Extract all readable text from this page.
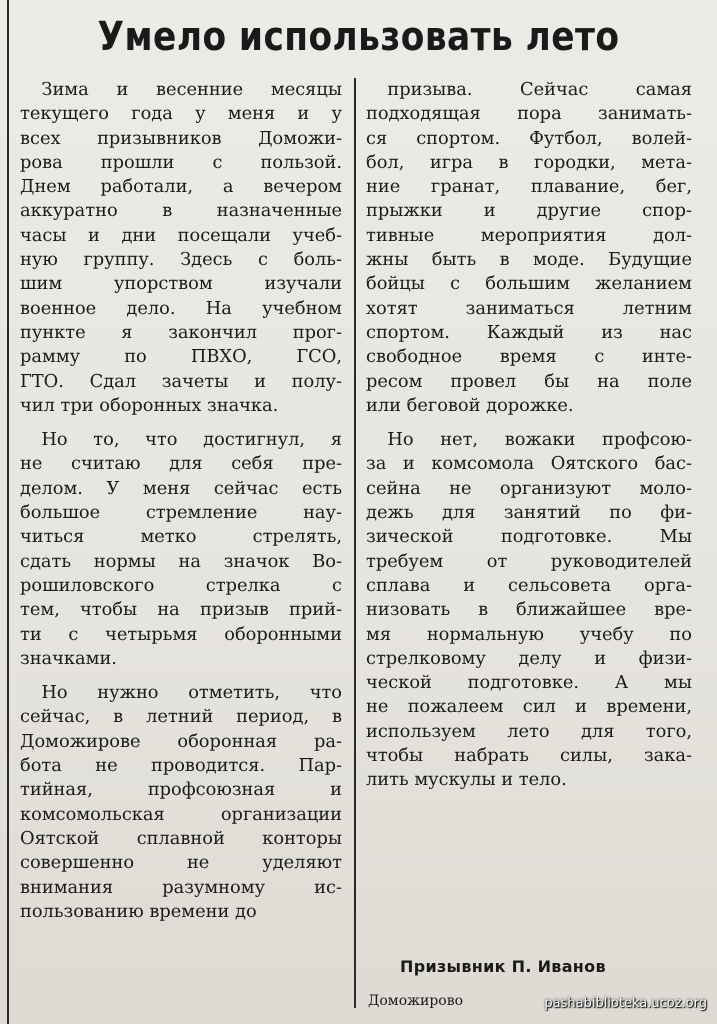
Умело использовать лето
Зима и весенние месяцы
текущего года у меня и у
всех призывников Доможи-
рова прошли с пользой.
Днем работали, а вечером
аккуратно в назначенные
часы и дни посещали учеб-
ную группу. Здесь с боль-
шим упорством изучали
военное дело. На учебном
пункте я закончил прог-
рамму по ПВХО, ГСО,
ГТО. Сдал зачеты и полу-
чил три оборонных значка.
Но то, что достигнул, я
не считаю для себя пре-
делом. У меня сейчас есть
большое стремление нау-
читься метко стрелять,
сдать нормы на значок Во-
рошиловского стрелка с
тем, чтобы на призыв прий-
ти с четырьмя оборонными
значками.
Но нужно отметить, что
сейчас, в летний период, в
Доможирове оборонная ра-
бота не проводится. Пар-
тийная, профсоюзная и
комсомольская организации
Оятской сплавной конторы
совершенно не уделяют
внимания разумному ис-
пользованию времени до
призыва. Сейчас самая
подходящая пора занимать-
ся спортом. Футбол, волей-
бол, игра в городки, мета-
ние гранат, плавание, бег,
прыжки и другие спор-
тивные мероприятия дол-
жны быть в моде. Будущие
бойцы с большим желанием
хотят заниматься летним
спортом. Каждый из нас
свободное время с инте-
ресом провел бы на поле
или беговой дорожке.
Но нет, вожаки профсою-
за и комсомола Оятского бас-
сейна не организуют моло-
дежь для занятий по фи-
зической подготовке. Мы
требуем от руководителей
сплава и сельсовета орга-
низовать в ближайшее вре-
мя нормальную учебу по
стрелковому делу и физи-
ческой подготовке. А мы
не пожалеем сил и времени,
используем лето для того,
чтобы набрать силы, зака-
лить мускулы и тело.
Призывник П. Иванов
Доможирово	pashabiblioteka.ucoz.org
